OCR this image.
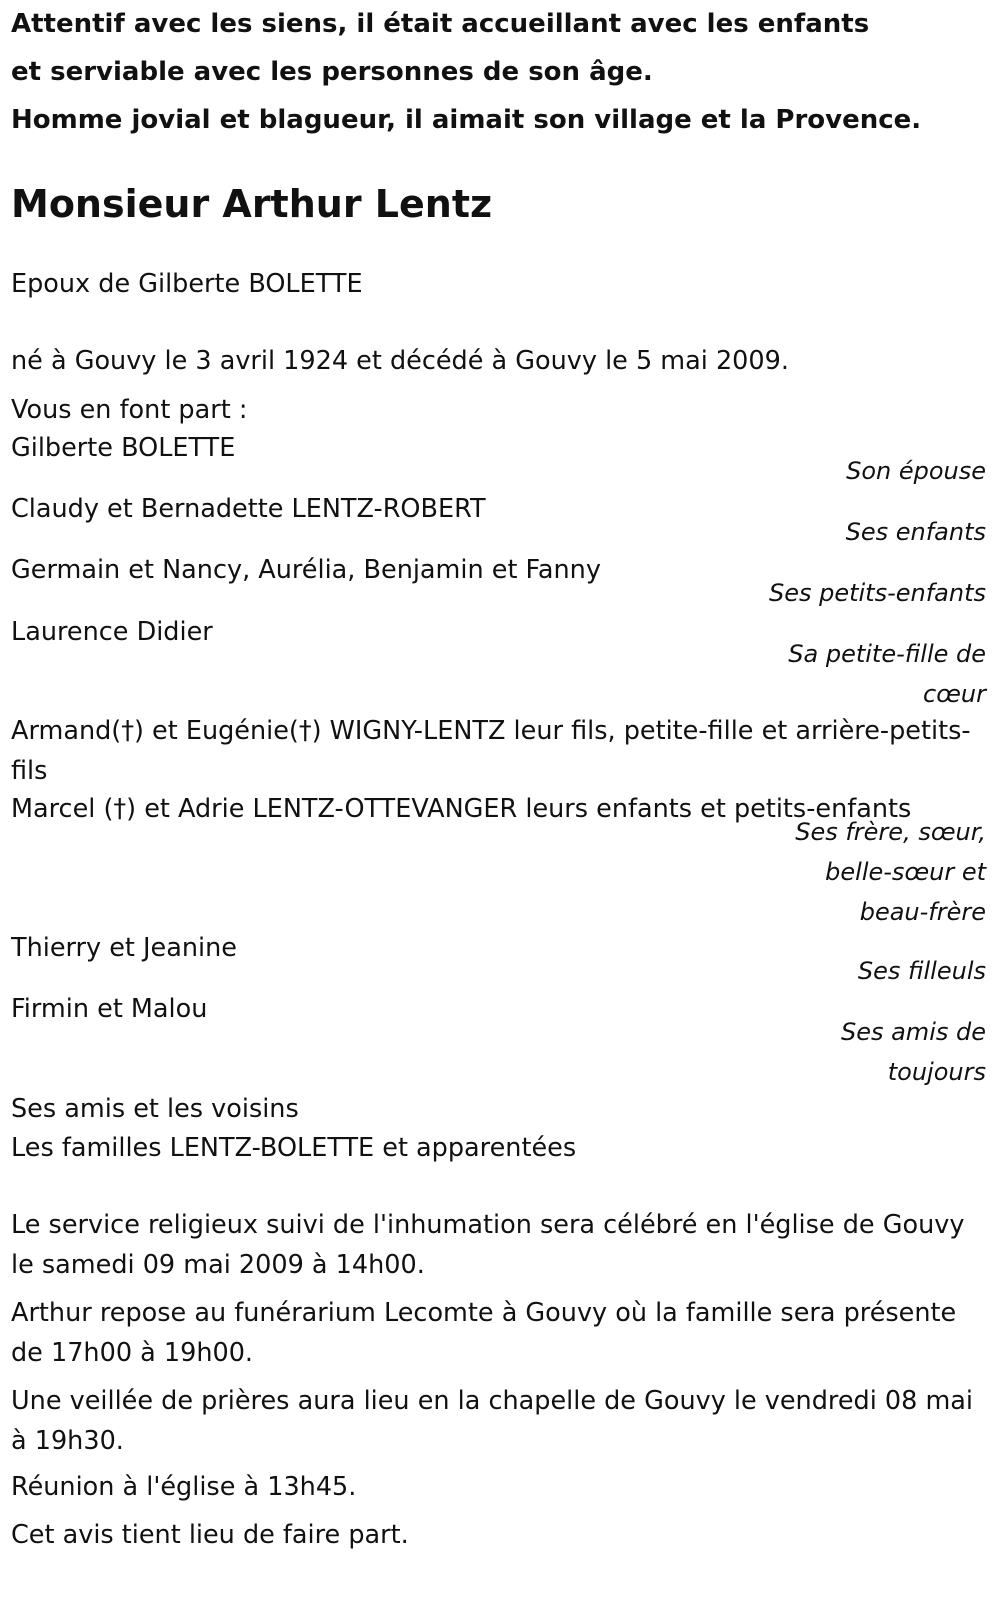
Attentif avec les siens, il était accueillant avec les enfants
et serviable avec les personnes de son âge.
Homme jovial et blagueur, il aimait son village et la Provence.
Monsieur Arthur Lentz
Epoux de Gilberte BOLETTE
né à Gouvy le 3 avril 1924 et décédé à Gouvy le 5 mai 2009.
Vous en font part :
Gilberte BOLETTE
Son épouse
Claudy et Bernadette LENTZ-ROBERT
Ses enfants
Germain et Nancy, Aurélia, Benjamin et Fanny
Ses petits-enfants
Laurence Didier
Sa petite-fille de cœur
Armand(†) et Eugénie(†) WIGNY-LENTZ leur fils, petite-fille et arrière-petits-fils
Marcel (†) et Adrie LENTZ-OTTEVANGER leurs enfants et petits-enfants
Ses frère, sœur, belle-sœur et beau-frère
Thierry et Jeanine
Ses filleuls
Firmin et Malou
Ses amis de toujours
Ses amis et les voisins
Les familles LENTZ-BOLETTE et apparentées
Le service religieux suivi de l'inhumation sera célébré en l'église de Gouvy le samedi 09 mai 2009 à 14h00.
Arthur repose au funérarium Lecomte à Gouvy où la famille sera présente de 17h00 à 19h00.
Une veillée de prières aura lieu en la chapelle de Gouvy le vendredi 08 mai à 19h30.
Réunion à l'église à 13h45.
Cet avis tient lieu de faire part.
